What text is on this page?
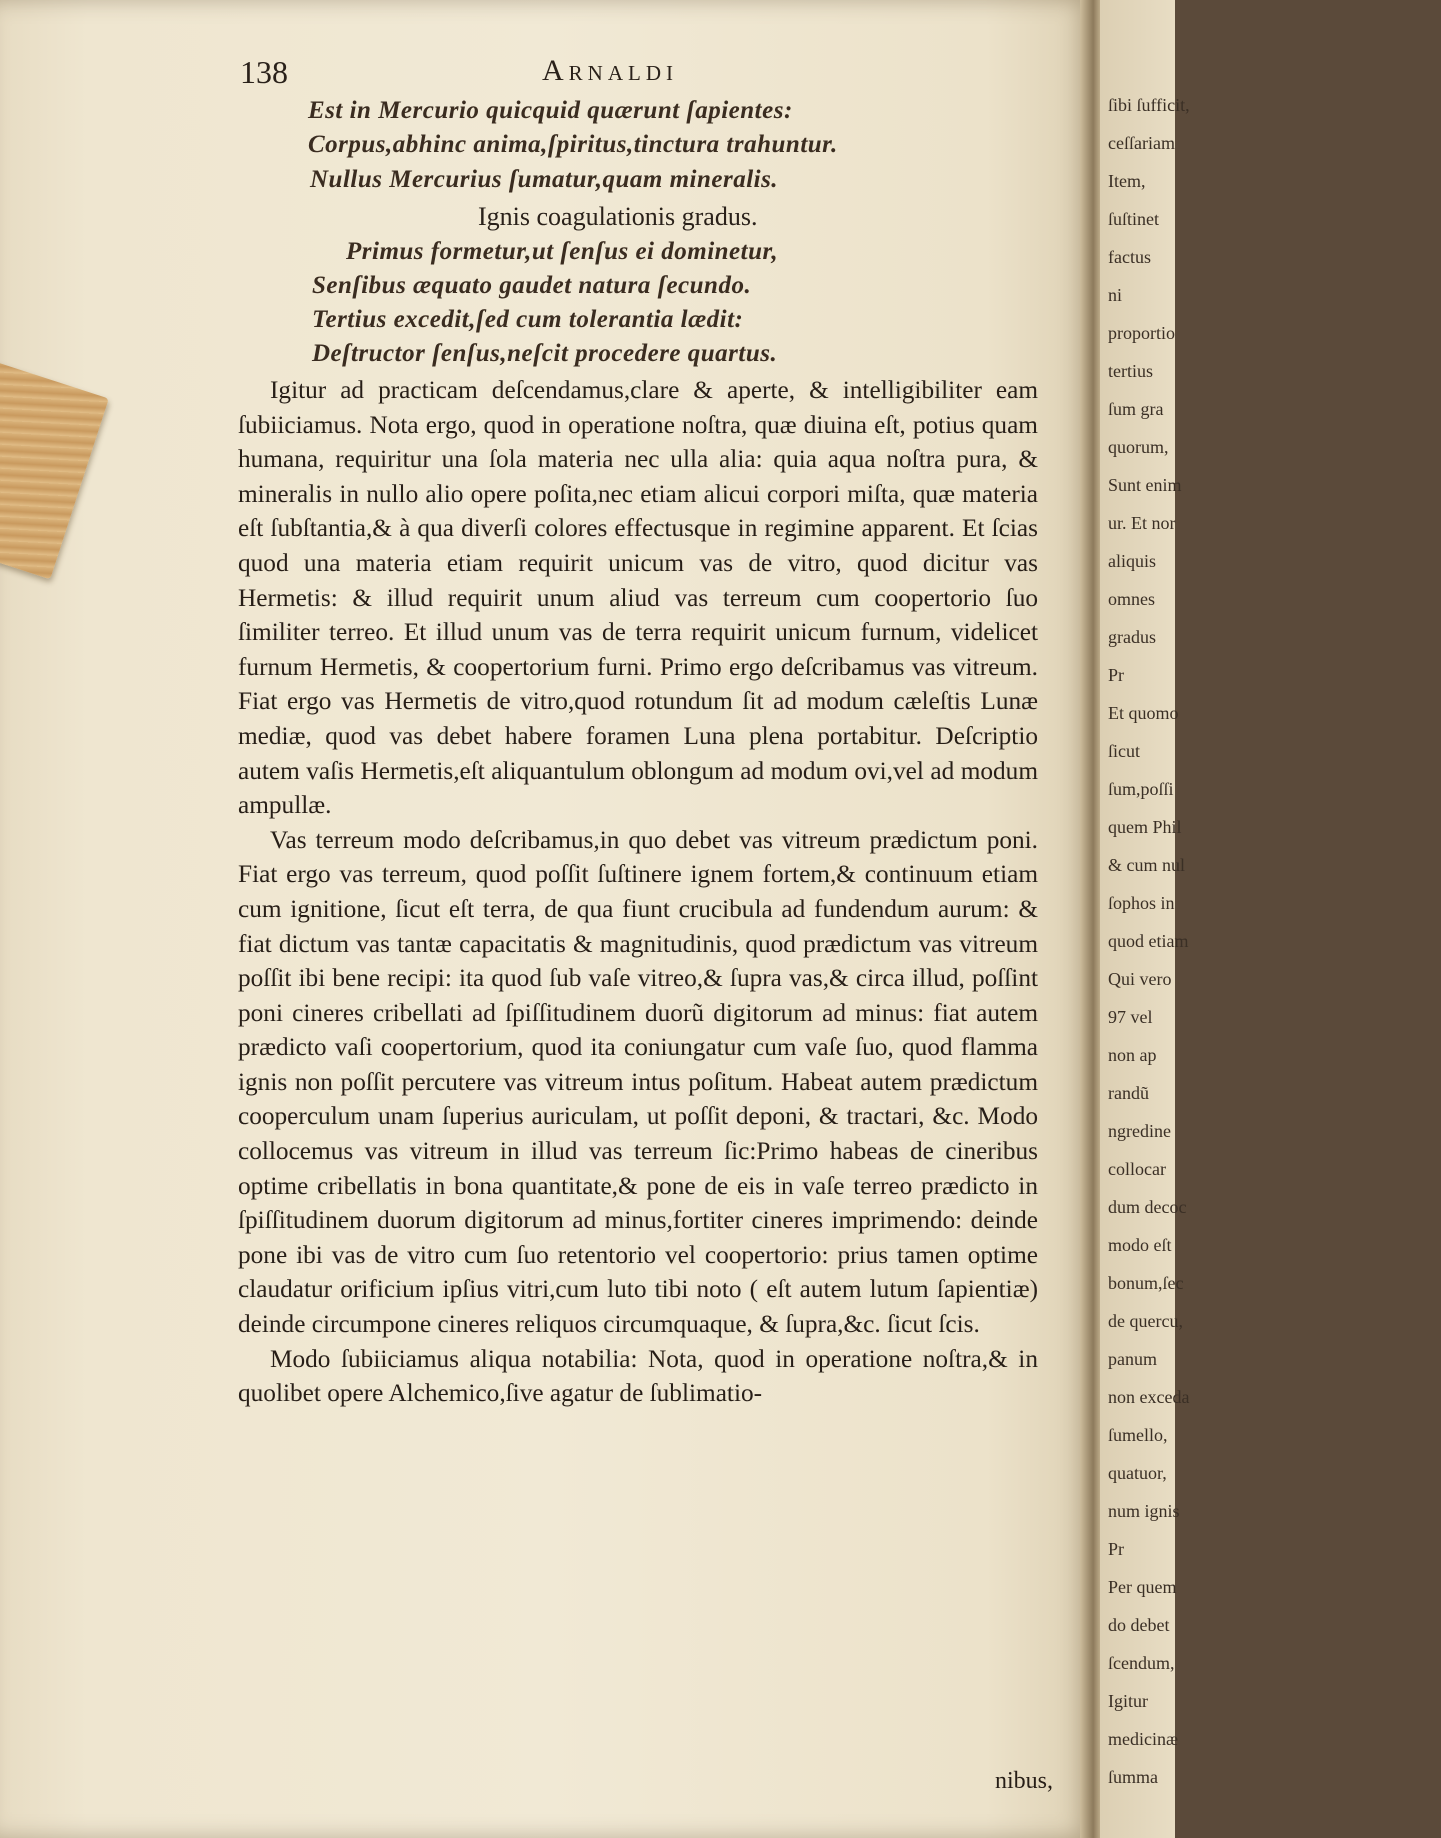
138	Arnaldi
Est in Mercurio quicquid quærunt ſapientes:
Corpus,abhinc anima,ſpiritus,tinctura trahuntur.
Nullus Mercurius ſumatur,quam mineralis.
Ignis coagulationis gradus.
Primus formetur,ut ſenſus ei dominetur,
Senſibus æquato gaudet natura ſecundo.
Tertius excedit,ſed cum tolerantia lædit:
Deſtructor ſenſus,neſcit procedere quartus.

Igitur ad practicam deſcendamus,clare & aperte, & intelligibiliter eam ſubiiciamus. Nota ergo, quod in operatione noſtra, quæ diuina eſt, potius quam humana, requiritur una ſola materia nec ulla alia: quia aqua noſtra pura, & mineralis in nullo alio opere poſita,nec etiam alicui corpori miſta, quæ materia eſt ſubſtantia,& à qua diverſi colores effectusque in regimine apparent. Et ſcias quod una materia etiam requirit unicum vas de vitro, quod dicitur vas Hermetis: & illud requirit unum aliud vas terreum cum coopertorio ſuo ſimiliter terreo. Et illud unum vas de terra requirit unicum furnum, videlicet furnum Hermetis, & coopertorium furni. Primo ergo deſcribamus vas vitreum. Fiat ergo vas Hermetis de vitro,quod rotundum ſit ad modum cæleſtis Lunæ mediæ, quod vas debet habere foramen Luna plena portabitur. Deſcriptio autem vaſis Hermetis,eſt aliquantulum oblongum ad modum ovi,vel ad modum ampullæ.

Vas terreum modo deſcribamus,in quo debet vas vitreum prædictum poni. Fiat ergo vas terreum, quod poſſit ſuſtinere ignem fortem,& continuum etiam cum ignitione, ſicut eſt terra, de qua fiunt crucibula ad fundendum aurum: & fiat dictum vas tantæ capacitatis & magnitudinis, quod prædictum vas vitreum poſſit ibi bene recipi: ita quod ſub vaſe vitreo,& ſupra vas,& circa illud, poſſint poni cineres cribellati ad ſpiſſitudinem duorũ digitorum ad minus: fiat autem prædicto vaſi coopertorium, quod ita coniungatur cum vaſe ſuo, quod flamma ignis non poſſit percutere vas vitreum intus poſitum. Habeat autem prædictum cooperculum unam ſuperius auriculam, ut poſſit deponi, & tractari, &c. Modo collocemus vas vitreum in illud vas terreum ſic:Primo habeas de cineribus optime cribellatis in bona quantitate,& pone de eis in vaſe terreo prædicto in ſpiſſitudinem duorum digitorum ad minus,fortiter cineres imprimendo: deinde pone ibi vas de vitro cum ſuo retentorio vel coopertorio: prius tamen optime claudatur orificium ipſius vitri,cum luto tibi noto ( eſt autem lutum ſapientiæ) deinde circumpone cineres reliquos circumquaque, & ſupra,&c. ſicut ſcis.

Modo ſubiiciamus aliqua notabilia: Nota, quod in operatione noſtra,& in quolibet opere Alchemico,ſive agatur de ſublimatio-

nibus,
ſibi ſufficit,
ceſſariam
Item,
ſuſtinet
factus
ni
proportio
tertius
ſum gra
quorum,
Sunt enim
ur. Et nor
aliquis
omnes
gradus
Pr
Et quomo
ſicut
ſum,poſſi
quem Phil
& cum nul
ſophos in
quod etiam
Qui vero
97 vel
non ap
randũ
ngredine
collocar
dum decoc
modo eſt
bonum,ſec
de quercu,
panum
non exceda
ſumello,
quatuor,
num ignis
Pr
Per quem
do debet
ſcendum,
Igitur
medicinæ
ſumma
